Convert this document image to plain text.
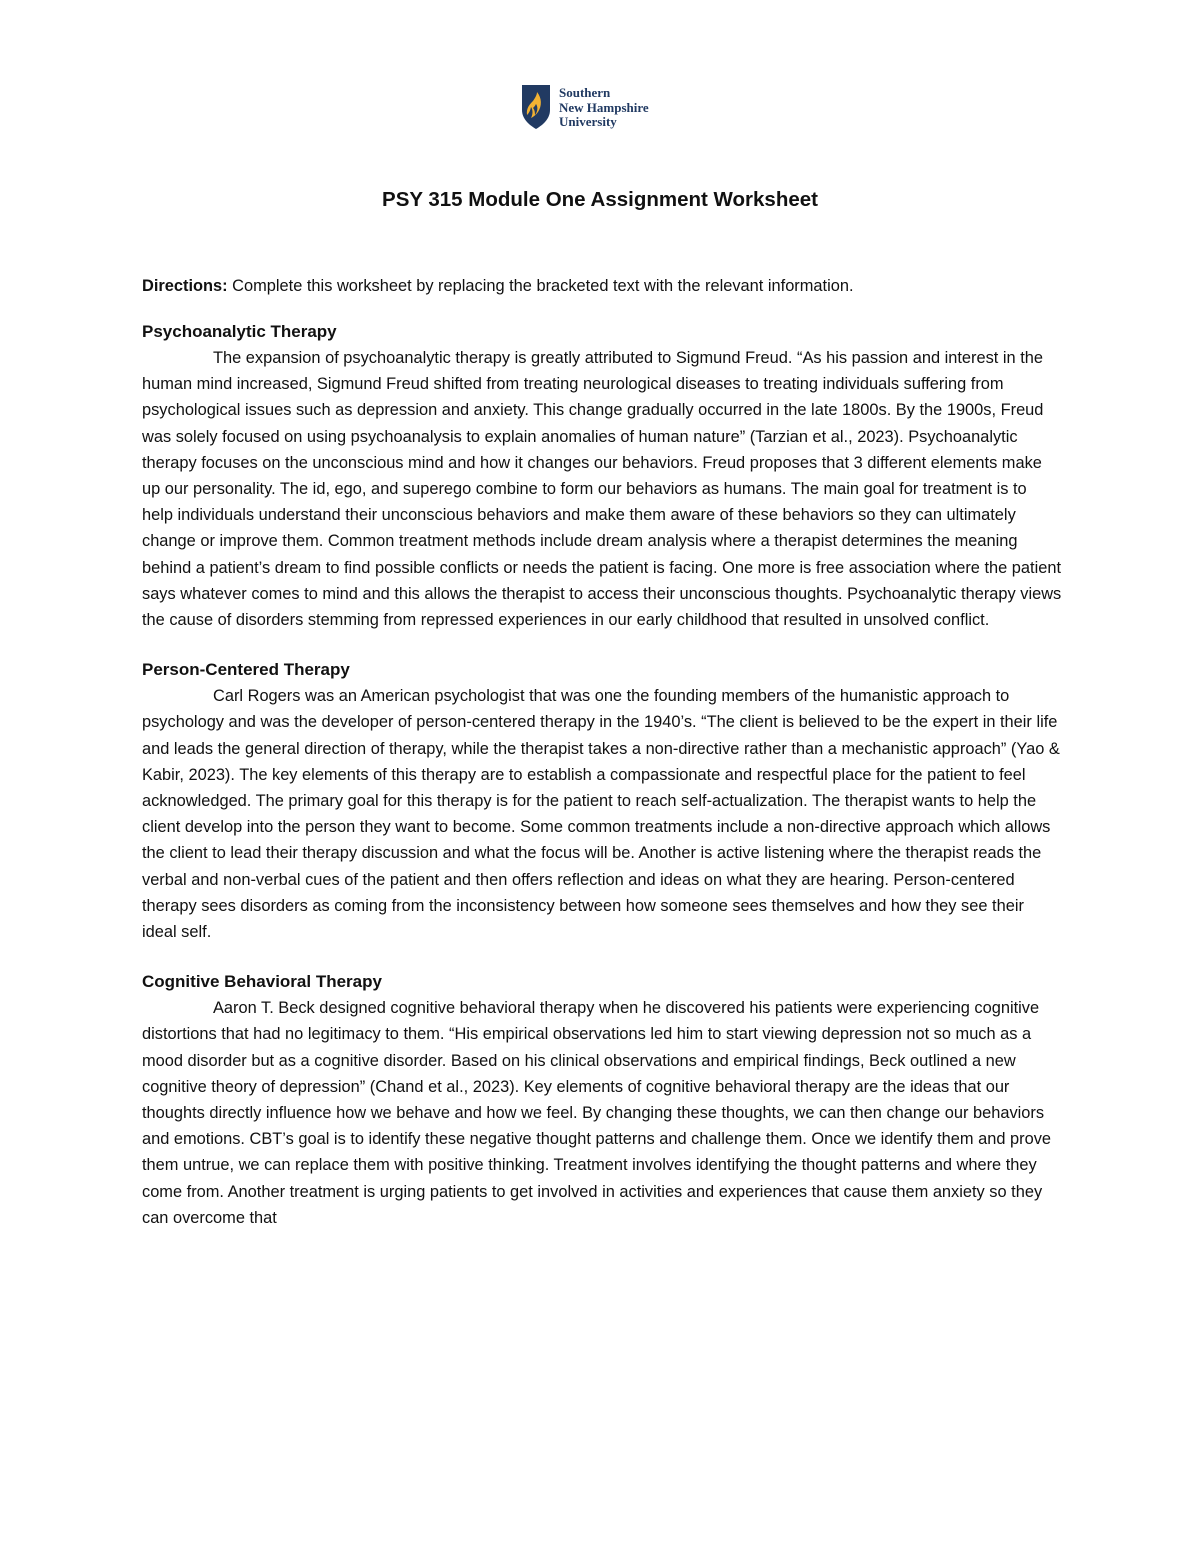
Southern
New Hampshire
University
PSY 315 Module One Assignment Worksheet

Directions: Complete this worksheet by replacing the bracketed text with the relevant information.

Psychoanalytic Therapy

The expansion of psychoanalytic therapy is greatly attributed to Sigmund Freud. “As his passion and interest in the human mind increased, Sigmund Freud shifted from treating neurological diseases to treating individuals suffering from psychological issues such as depression and anxiety. This change gradually occurred in the late 1800s. By the 1900s, Freud was solely focused on using psychoanalysis to explain anomalies of human nature” (Tarzian et al., 2023). Psychoanalytic therapy focuses on the unconscious mind and how it changes our behaviors. Freud proposes that 3 different elements make up our personality. The id, ego, and superego combine to form our behaviors as humans. The main goal for treatment is to help individuals understand their unconscious behaviors and make them aware of these behaviors so they can ultimately change or improve them. Common treatment methods include dream analysis where a therapist determines the meaning behind a patient’s dream to find possible conflicts or needs the patient is facing. One more is free association where the patient says whatever comes to mind and this allows the therapist to access their unconscious thoughts. Psychoanalytic therapy views the cause of disorders stemming from repressed experiences in our early childhood that resulted in unsolved conflict.

Person-Centered Therapy

Carl Rogers was an American psychologist that was one the founding members of the humanistic approach to psychology and was the developer of person-centered therapy in the 1940’s. “The client is believed to be the expert in their life and leads the general direction of therapy, while the therapist takes a non-directive rather than a mechanistic approach” (Yao & Kabir, 2023). The key elements of this therapy are to establish a compassionate and respectful place for the patient to feel acknowledged. The primary goal for this therapy is for the patient to reach self-actualization. The therapist wants to help the client develop into the person they want to become. Some common treatments include a non-directive approach which allows the client to lead their therapy discussion and what the focus will be. Another is active listening where the therapist reads the verbal and non-verbal cues of the patient and then offers reflection and ideas on what they are hearing. Person-centered therapy sees disorders as coming from the inconsistency between how someone sees themselves and how they see their ideal self.

Cognitive Behavioral Therapy

Aaron T. Beck designed cognitive behavioral therapy when he discovered his patients were experiencing cognitive distortions that had no legitimacy to them. “His empirical observations led him to start viewing depression not so much as a mood disorder but as a cognitive disorder. Based on his clinical observations and empirical findings, Beck outlined a new cognitive theory of depression” (Chand et al., 2023). Key elements of cognitive behavioral therapy are the ideas that our thoughts directly influence how we behave and how we feel. By changing these thoughts, we can then change our behaviors and emotions. CBT’s goal is to identify these negative thought patterns and challenge them. Once we identify them and prove them untrue, we can replace them with positive thinking. Treatment involves identifying the thought patterns and where they come from. Another treatment is urging patients to get involved in activities and experiences that cause them anxiety so they can overcome that
